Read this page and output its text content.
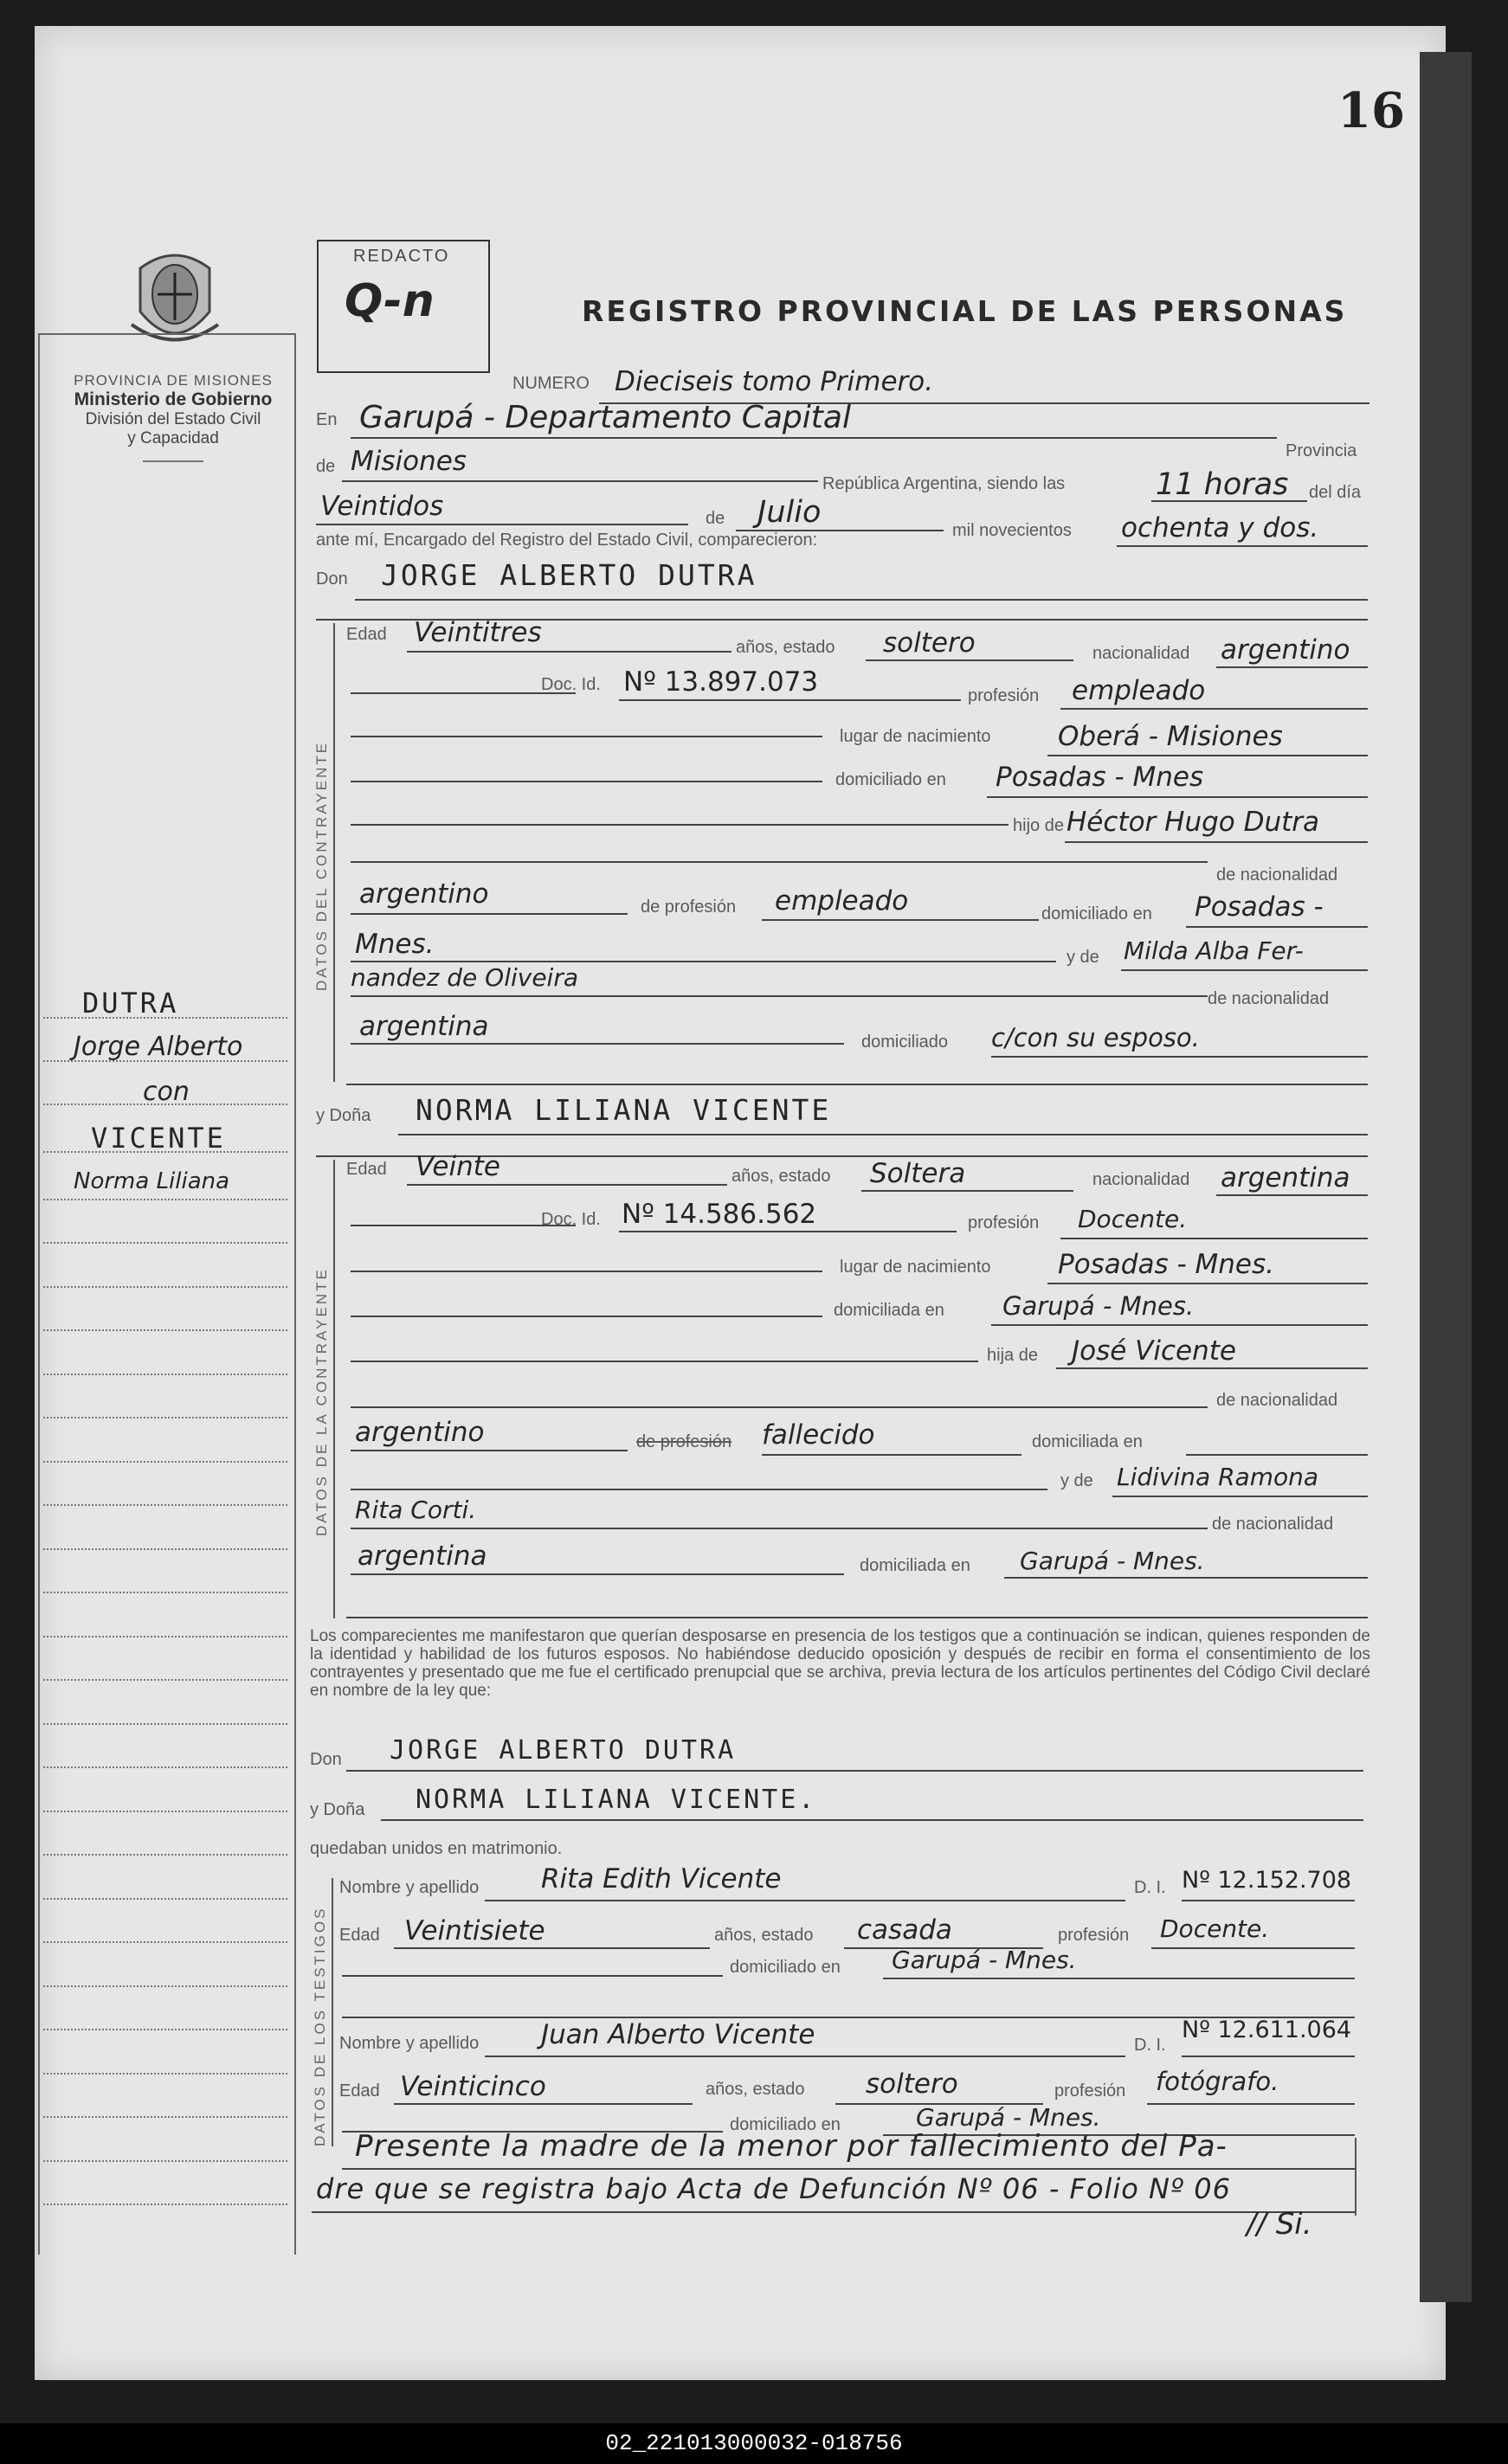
16
PROVINCIA DE MISIONES
Ministerio de Gobierno
División del Estado Civil
y Capacidad
DUTRA
Jorge Alberto
con
VICENTE
Norma Liliana
REDACTO
Q-n	REGISTRO PROVINCIAL DE LAS PERSONAS
NUMERO Dieciseis tomo Primero.
En Garupá - Departamento Capital
Provincia
de Misiones
República Argentina, siendo las	11 horas del día
Veintidos	de Julio
mil novecientos ochenta y dos.
ante mí, Encargado del Registro del Estado Civil, comparecieron:
Don JORGE ALBERTO DUTRA
DATOS DEL CONTRAYENTE
Edad Veintitres	años, estado soltero	nacionalidad argentino
Doc. Id. Nº 13.897.073	profesión empleado
lugar de nacimiento Oberá - Misiones
domiciliado en Posadas - Mnes
hijo de Héctor Hugo Dutra
de nacionalidad
argentino	de profesión empleado	domiciliado en Posadas -
Mnes.	y de Milda Alba Fer-
nandez de Oliveira
de nacionalidad
argentina	domiciliado c/con su esposo.
y Doña NORMA LILIANA VICENTE
DATOS DE LA CONTRAYENTE
Edad Veinte	años, estado Soltera	nacionalidad argentina
Doc. Id. Nº 14.586.562	profesión Docente.
lugar de nacimiento Posadas - Mnes.
domiciliada en Garupá - Mnes.
hija de José Vicente
de nacionalidad
argentino	de profesión fallecido	domiciliada en
y de Lidivina Ramona
Rita Corti.	de nacionalidad
argentina	domiciliada en Garupá - Mnes.
Los comparecientes me manifestaron que querían desposarse en presencia de los testigos que a continuación se indican, quienes responden de la identidad y habilidad de los futuros esposos. No habiéndose deducido oposición y después de recibir en forma el consentimiento de los contrayentes y presentado que me fue el certificado prenupcial que se archiva, previa lectura de los artículos pertinentes del Código Civil declaré en nombre de la ley que:
Don JORGE ALBERTO DUTRA
y Doña NORMA LILIANA VICENTE.
quedaban unidos en matrimonio.
DATOS DE LOS TESTIGOS
Nombre y apellido Rita Edith Vicente	D. I. Nº 12.152.708
Edad Veintisiete	años, estado casada	profesión Docente.
domiciliado en Garupá - Mnes.
Nombre y apellido Juan Alberto Vicente	D. I.
Nº 12.611.064
Edad Veinticinco	años, estado soltero	profesión fotógrafo.
domiciliado en	Garupá - Mnes.
Presente la madre de la menor por fallecimiento del Pa-
dre que se registra bajo Acta de Defunción Nº 06 - Folio Nº 06
// Si.
02_221013000032-018756
